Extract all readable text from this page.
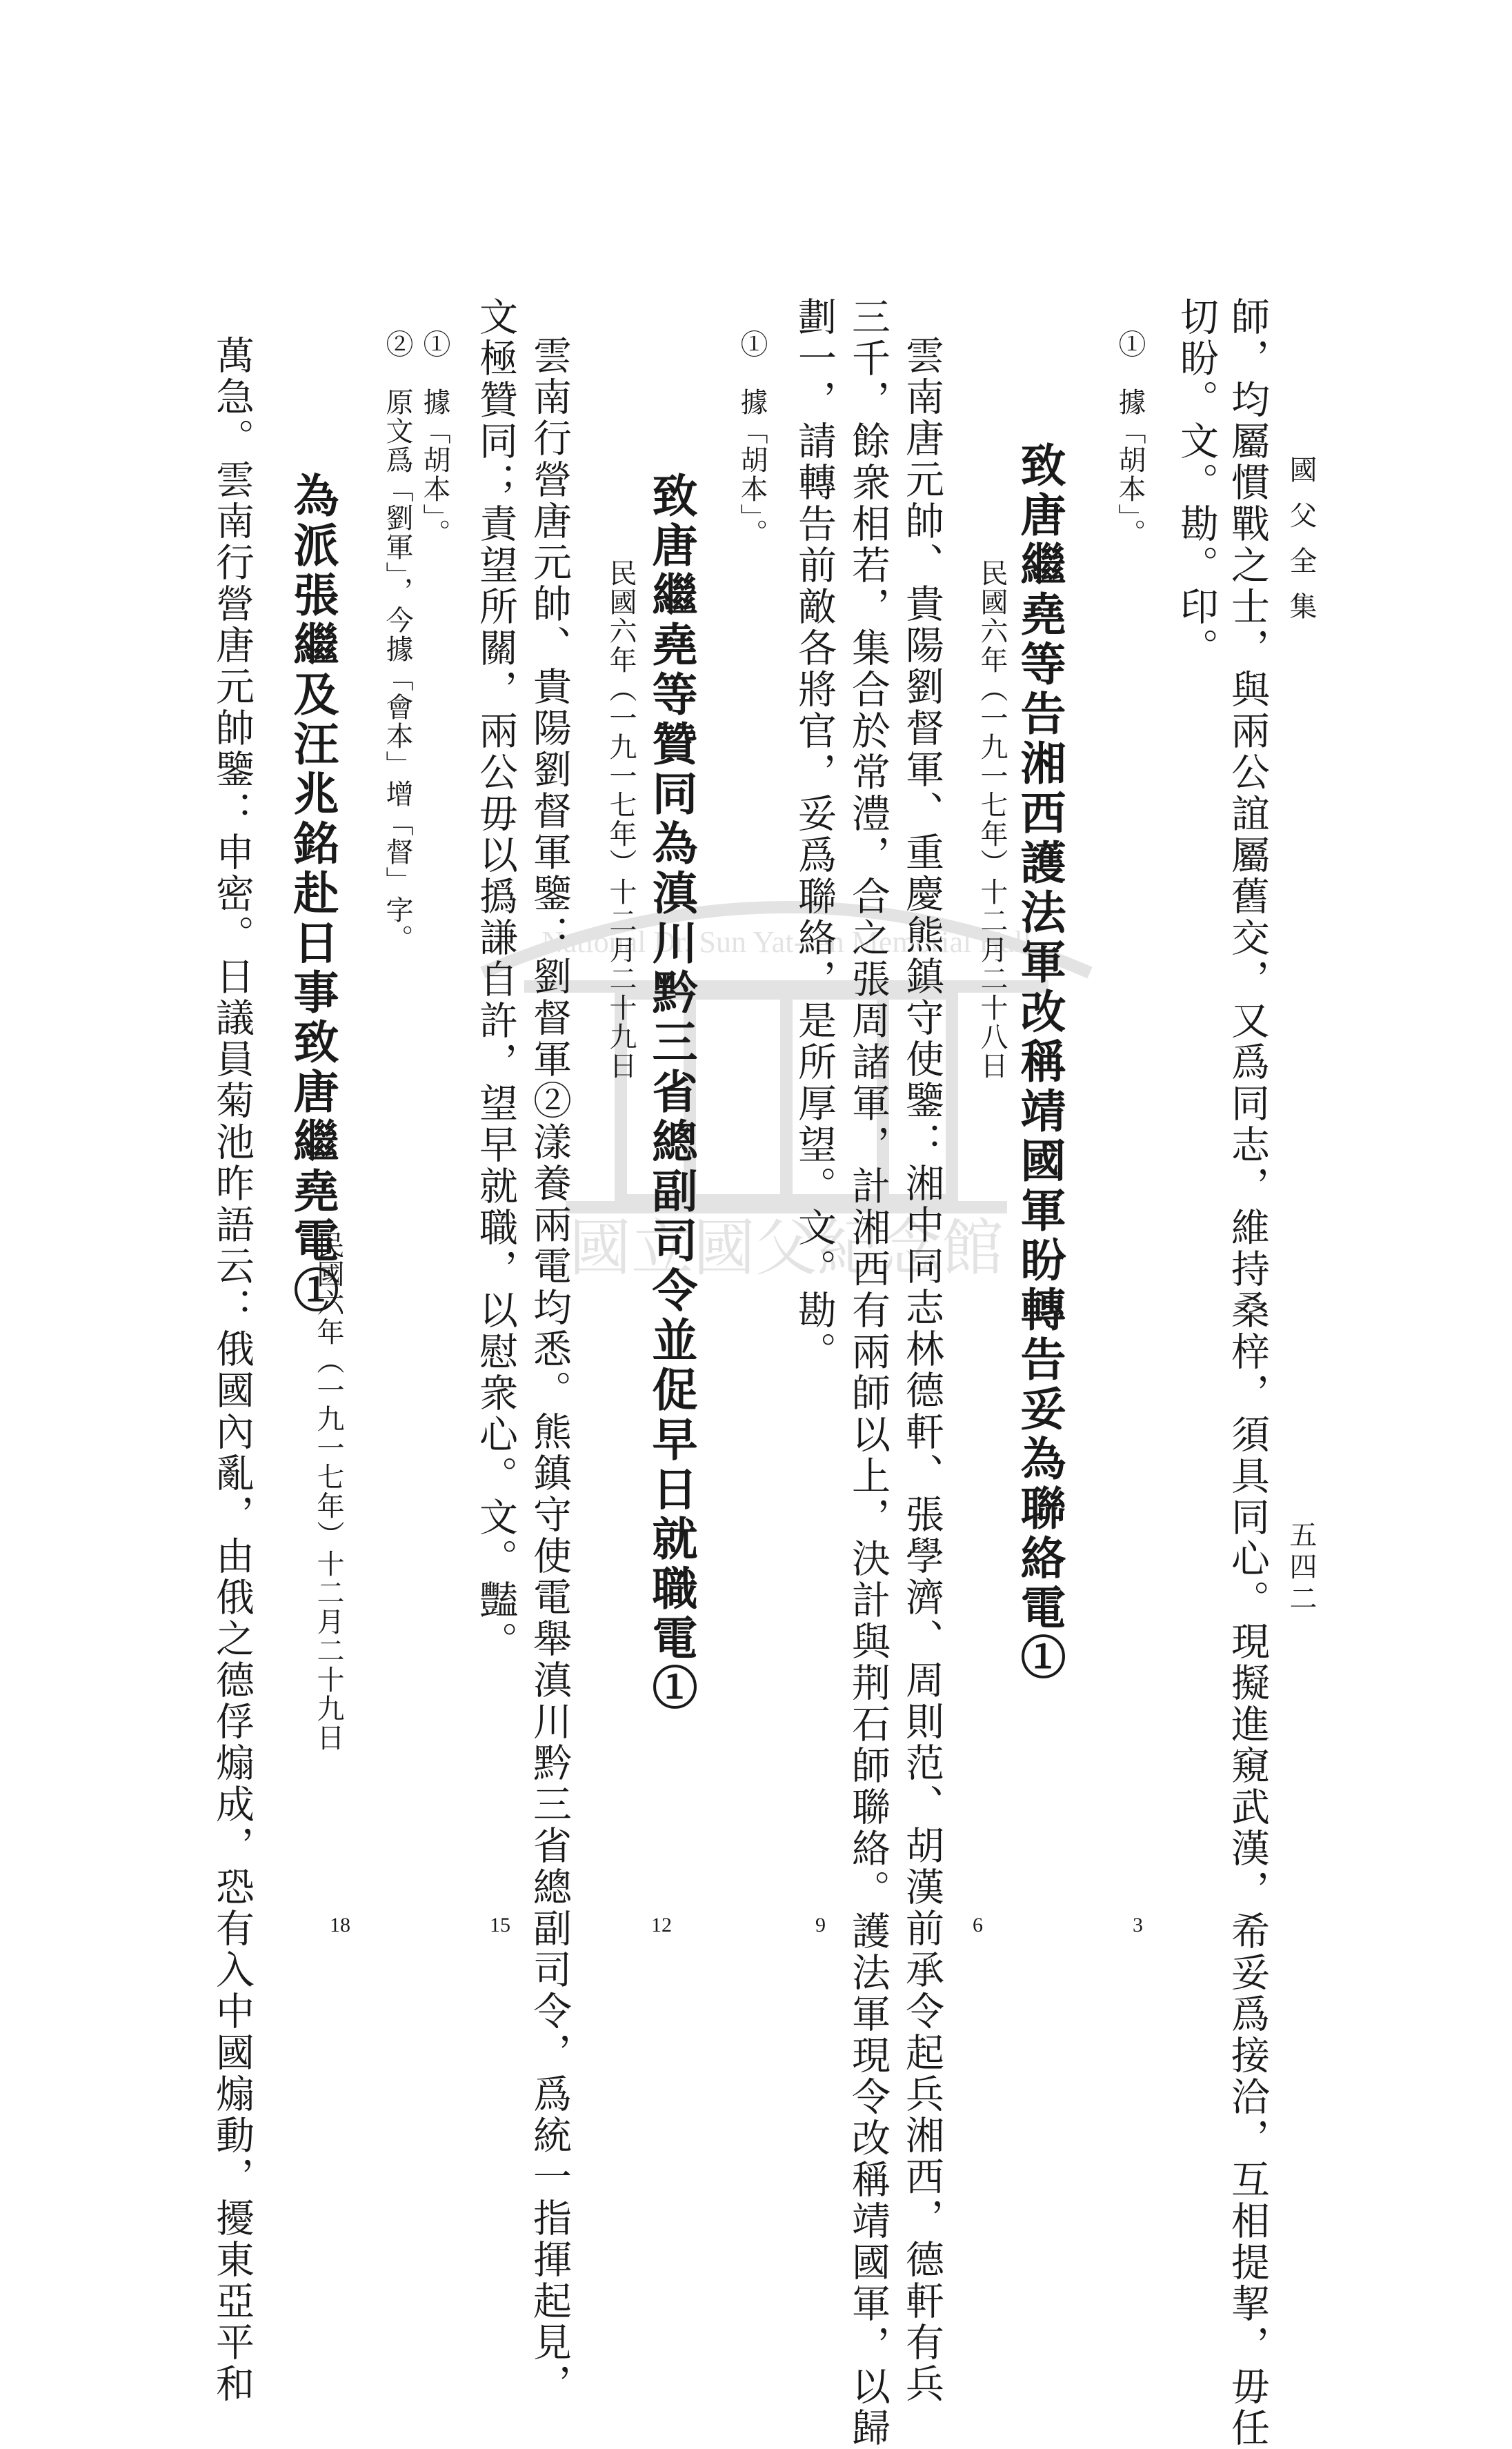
國立國父紀念館
National Dr. Sun Yat-sen Memorial Hall
國父全集
五四二
師，均屬慣戰之士，與兩公誼屬舊交，又爲同志，維持桑梓，須具同心。現擬進窺武漢，希妥爲接洽，互相提挈，毋任
切盼。文。勘。印。
①　據「胡本」。
致唐繼堯等告湘西護法軍改稱靖國軍盼轉告妥為聯絡電①
民國六年（一九一七年）十二月二十八日
雲南唐元帥、貴陽劉督軍、重慶熊鎮守使鑒：湘中同志林德軒、張學濟、周則范、胡漢前承令起兵湘西，德軒有兵
三千，餘衆相若，集合於常澧，合之張周諸軍，計湘西有兩師以上，決計與荆石師聯絡。護法軍現令改稱靖國軍，以歸
劃一，請轉告前敵各將官，妥爲聯絡，是所厚望。文。勘。
①　據「胡本」。
致唐繼堯等贊同為滇川黔三省總副司令並促早日就職電①
民國六年（一九一七年）十二月二十九日
雲南行營唐元帥、貴陽劉督軍鑒：劉督軍②漾養兩電均悉。熊鎮守使電舉滇川黔三省總副司令，爲統一指揮起見，
文極贊同；責望所關，兩公毋以撝謙自許，望早就職，以慰衆心。文。豔。
①　據「胡本」。
②　原文爲「劉軍」，今據「會本」增「督」字。
為派張繼及汪兆銘赴日事致唐繼堯電①
民國六年（一九一七年）十二月二十九日
萬急。雲南行營唐元帥鑒：申密。日議員菊池昨語云：俄國內亂，由俄之德俘煽成，恐有入中國煽動，擾東亞平和	3
6
9
12
15
18
